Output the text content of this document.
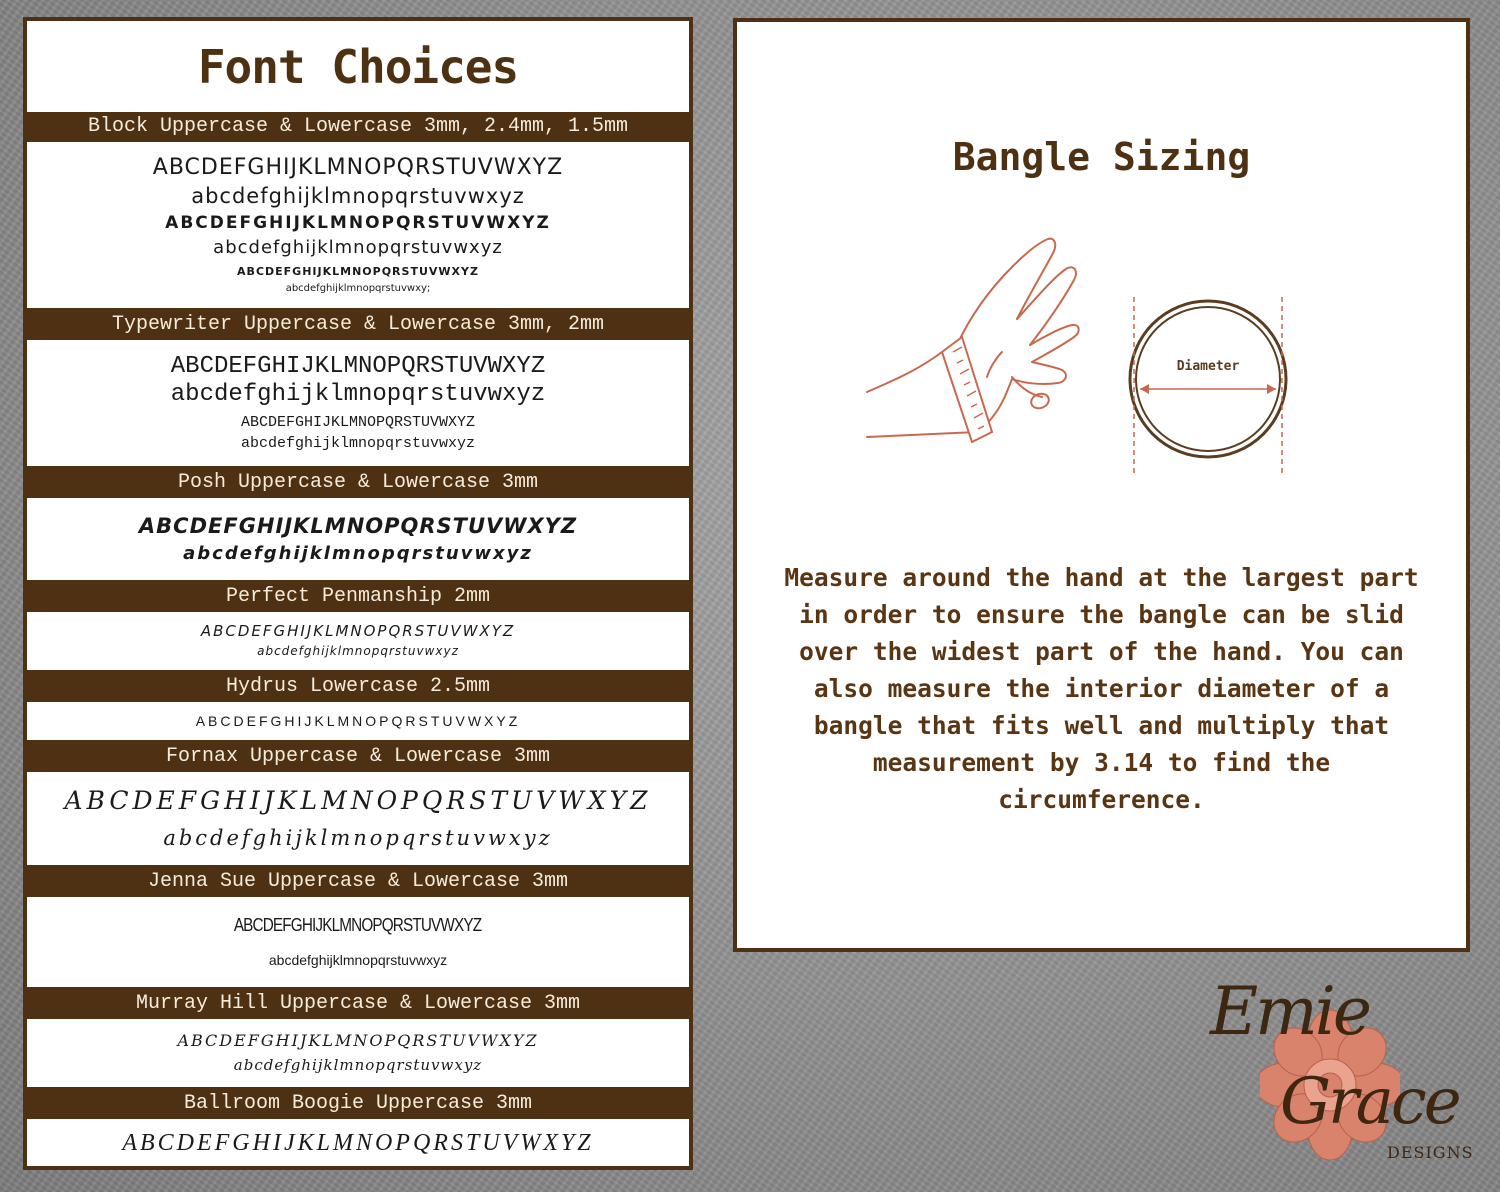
Font Choices
Block Uppercase & Lowercase 3mm, 2.4mm, 1.5mm
ABCDEFGHIJKLMNOPQRSTUVWXYZ
abcdefghijklmnopqrstuvwxyz
ABCDEFGHIJKLMNOPQRSTUVWXYZ
abcdefghijklmnopqrstuvwxyz
ABCDEFGHIJKLMNOPQRSTUVWXYZ
abcdefghijklmnopqrstuvwxy;
Typewriter Uppercase & Lowercase 3mm, 2mm
ABCDEFGHIJKLMNOPQRSTUVWXYZ
abcdefghijklmnopqrstuvwxyz
ABCDEFGHIJKLMNOPQRSTUVWXYZ
abcdefghijklmnopqrstuvwxyz
Posh Uppercase & Lowercase 3mm
ABCDEFGHIJKLMNOPQRSTUVWXYZ
abcdefghijklmnopqrstuvwxyz
Perfect Penmanship 2mm
ABCDEFGHIJKLMNOPQRSTUVWXYZ
abcdefghijklmnopqrstuvwxyz
Hydrus Lowercase 2.5mm
ABCDEFGHIJKLMNOPQRSTUVWXYZ
Fornax Uppercase & Lowercase 3mm
ABCDEFGHIJKLMNOPQRSTUVWXYZ
abcdefghijklmnopqrstuvwxyz
Jenna Sue Uppercase & Lowercase 3mm
ABCDEFGHIJKLMNOPQRSTUVWXYZ
abcdefghijklmnopqrstuvwxyz
Murray Hill Uppercase & Lowercase 3mm
ABCDEFGHIJKLMNOPQRSTUVWXYZ
abcdefghijklmnopqrstuvwxyz
Ballroom Boogie Uppercase 3mm
ABCDEFGHIJKLMNOPQRSTUVWXYZ
Bangle Sizing
Diameter
Measure around the hand at the largest part in order to ensure the bangle can be slid over the widest part of the hand. You can also measure the interior diameter of a bangle that fits well and multiply that measurement by 3.14 to find the circumference.
Emie
Grace
DESIGNS
